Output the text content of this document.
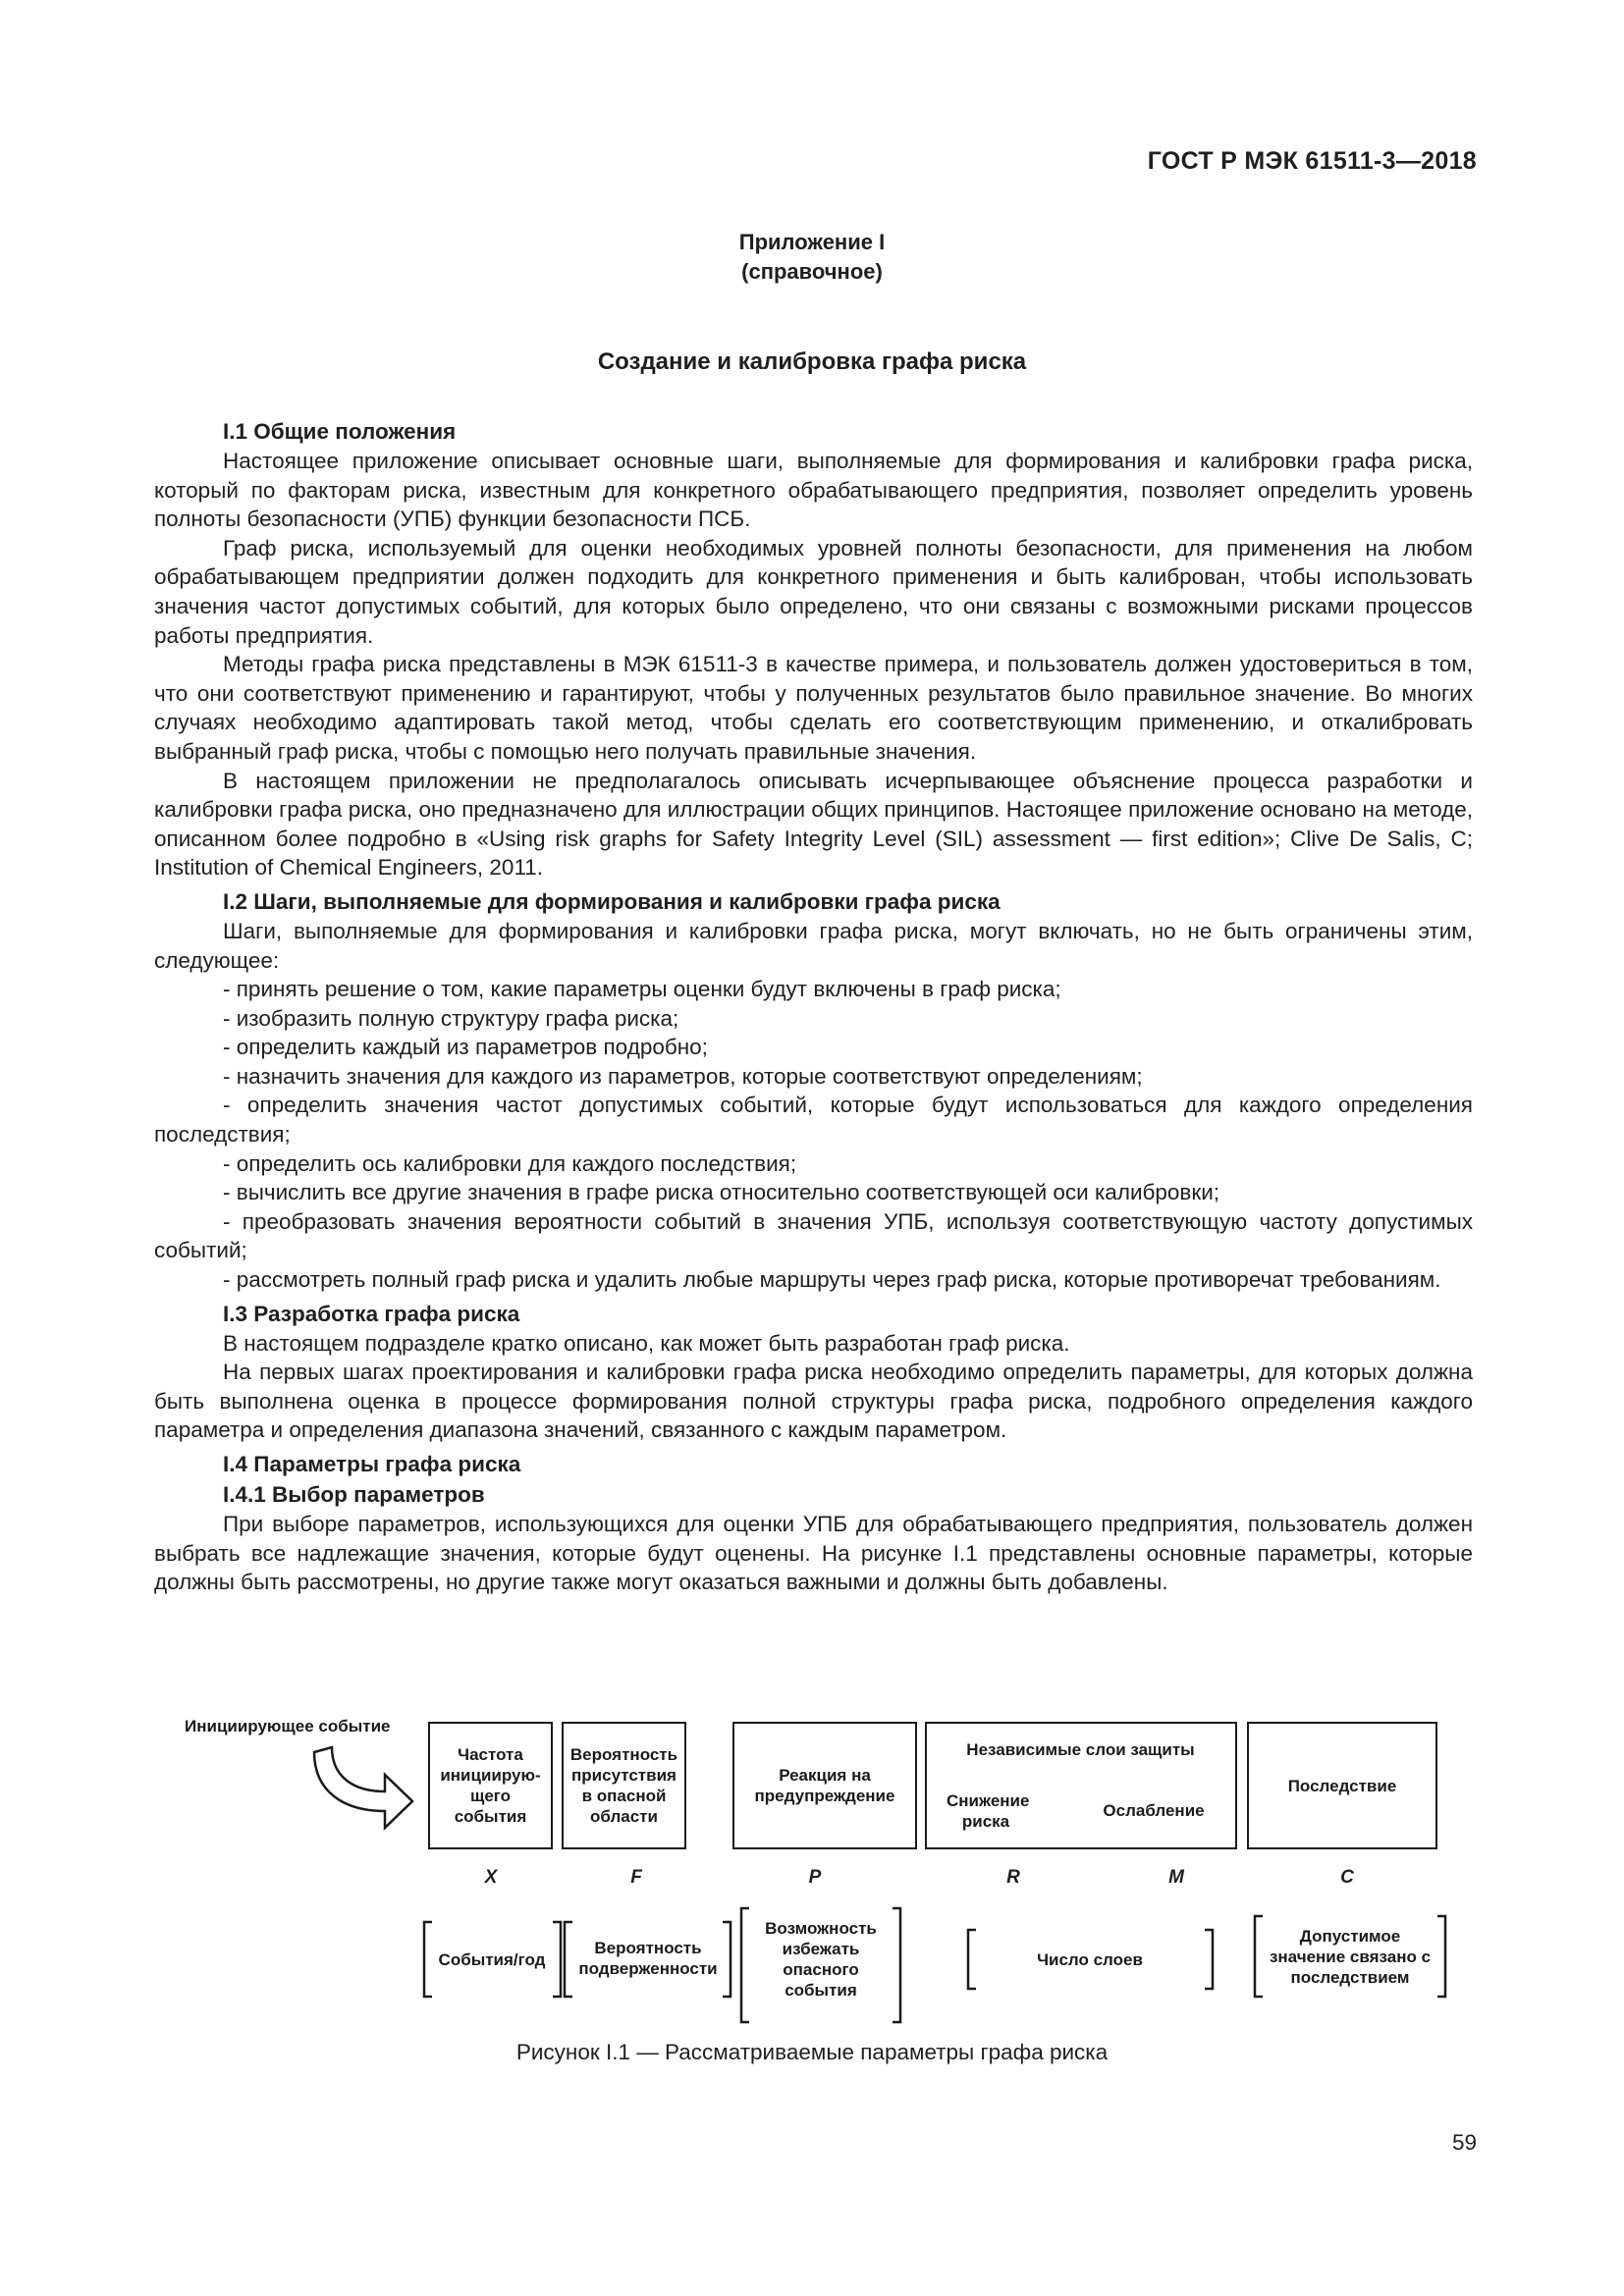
ГОСТ Р МЭК 61511-3—2018
Приложение I
(справочное)
Создание и калибровка графа риска
I.1 Общие положения

Настоящее приложение описывает основные шаги, выполняемые для формирования и калибровки графа риска, который по факторам риска, известным для конкретного обрабатывающего предприятия, позволяет определить уровень полноты безопасности (УПБ) функции безопасности ПСБ.

Граф риска, используемый для оценки необходимых уровней полноты безопасности, для применения на любом обрабатывающем предприятии должен подходить для конкретного применения и быть калиброван, чтобы использовать значения частот допустимых событий, для которых было определено, что они связаны с возможными рисками процессов работы предприятия.

Методы графа риска представлены в МЭК 61511-3 в качестве примера, и пользователь должен удостовериться в том, что они соответствуют применению и гарантируют, чтобы у полученных результатов было правильное значение. Во многих случаях необходимо адаптировать такой метод, чтобы сделать его соответствующим применению, и откалибровать выбранный граф риска, чтобы с помощью него получать правильные значения.

В настоящем приложении не предполагалось описывать исчерпывающее объяснение процесса разработки и калибровки графа риска, оно предназначено для иллюстрации общих принципов. Настоящее приложение основано на методе, описанном более подробно в «Using risk graphs for Safety Integrity Level (SIL) assessment — first edition»; Clive De Salis, C; Institution of Chemical Engineers, 2011.

I.2 Шаги, выполняемые для формирования и калибровки графа риска

Шаги, выполняемые для формирования и калибровки графа риска, могут включать, но не быть ограничены этим, следующее:

- принять решение о том, какие параметры оценки будут включены в граф риска;
- изобразить полную структуру графа риска;
- определить каждый из параметров подробно;
- назначить значения для каждого из параметров, которые соответствуют определениям;
- определить значения частот допустимых событий, которые будут использоваться для каждого определения последствия;
- определить ось калибровки для каждого последствия;
- вычислить все другие значения в графе риска относительно соответствующей оси калибровки;
- преобразовать значения вероятности событий в значения УПБ, используя соответствующую частоту допустимых событий;
- рассмотреть полный граф риска и удалить любые маршруты через граф риска, которые противоречат требованиям.
I.3 Разработка графа риска

В настоящем подразделе кратко описано, как может быть разработан граф риска.

На первых шагах проектирования и калибровки графа риска необходимо определить параметры, для которых должна быть выполнена оценка в процессе формирования полной структуры графа риска, подробного определения каждого параметра и определения диапазона значений, связанного с каждым параметром.

I.4 Параметры графа риска
I.4.1 Выбор параметров

При выборе параметров, использующихся для оценки УПБ для обрабатывающего предприятия, пользователь должен выбрать все надлежащие значения, которые будут оценены. На рисунке I.1 представлены основные параметры, которые должны быть рассмотрены, но другие также могут оказаться важными и должны быть добавлены.

Инициирующее событие
Частота инициирую-щего события
Вероятность присутствия в опасной области
Реакция на предупреждение
Независимые слои защиты
Снижение риска
Ослабление
Последствие
X	F	P	R	M	C
События/год
Вероятность подверженности
Возможность избежать опасного события
Число слоев
Допустимое значение связано с последствием
Рисунок I.1 — Рассматриваемые параметры графа риска
59
